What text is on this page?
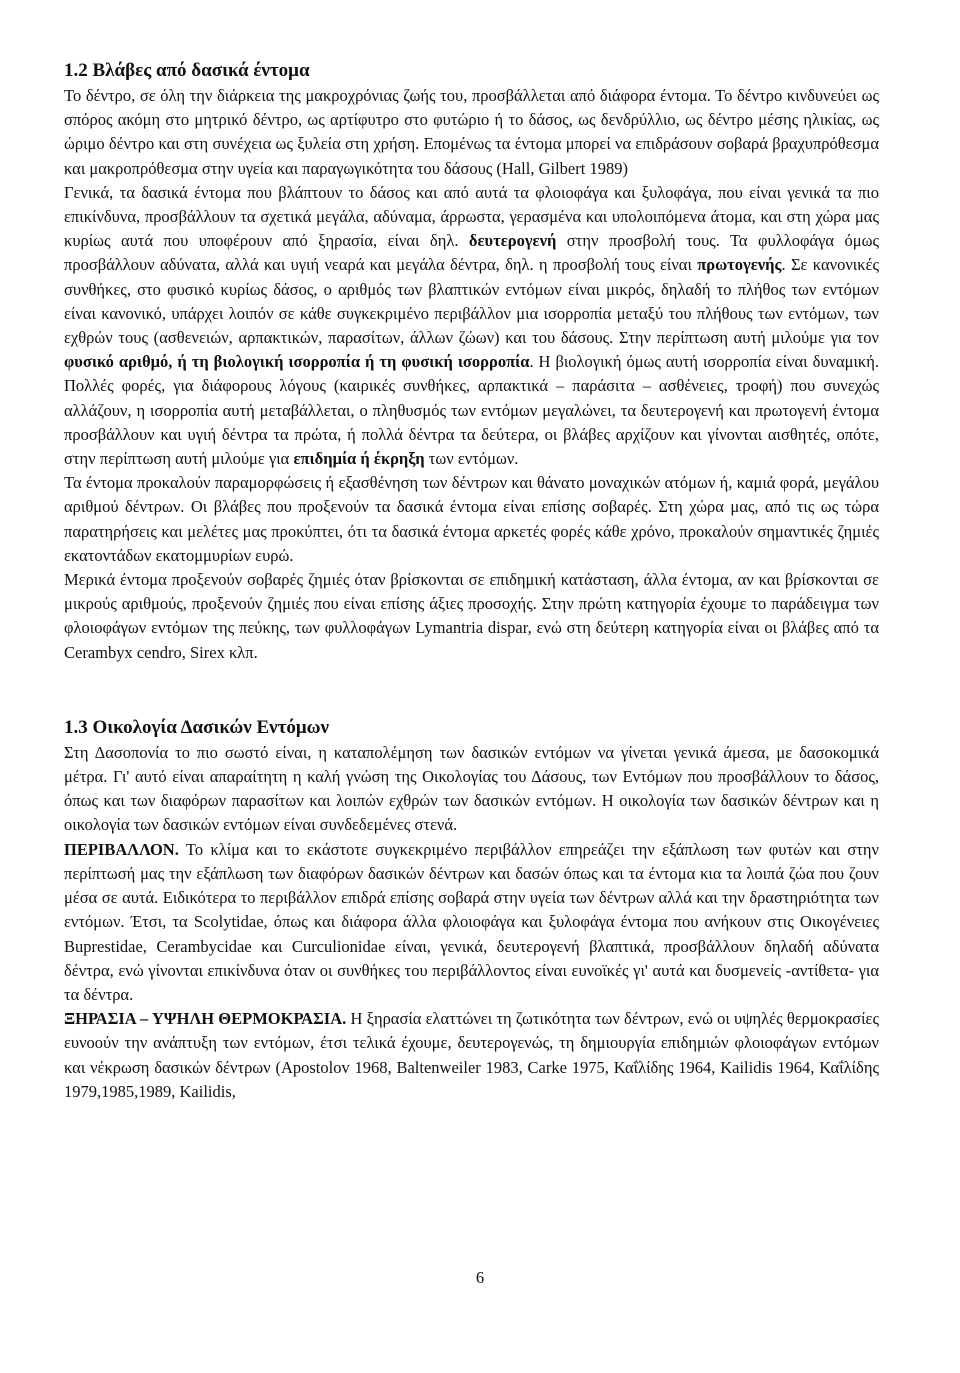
1.2 Βλάβες από δασικά έντομα

Το δέντρο, σε όλη την διάρκεια της μακροχρόνιας ζωής του, προσβάλλεται από διάφορα έντομα. Το δέντρο κινδυνεύει ως σπόρος ακόμη στο μητρικό δέντρο, ως αρτίφυτρο στο φυτώριο ή το δάσος, ως δενδρύλλιο, ως δέντρο μέσης ηλικίας, ως ώριμο δέντρο και στη συνέχεια ως ξυλεία στη χρήση. Επομένως τα έντομα μπορεί να επιδράσουν σοβαρά βραχυπρόθεσμα και μακροπρόθεσμα στην υγεία και παραγωγικότητα του δάσους (Hall, Gilbert 1989)

Γενικά, τα δασικά έντομα που βλάπτουν το δάσος και από αυτά τα φλοιοφάγα και ξυλοφάγα, που είναι γενικά τα πιο επικίνδυνα, προσβάλλουν τα σχετικά μεγάλα, αδύναμα, άρρωστα, γερασμένα και υπολοιπόμενα άτομα, και στη χώρα μας κυρίως αυτά που υποφέρουν από ξηρασία, είναι δηλ. δευτερογενή στην προσβολή τους. Τα φυλλοφάγα όμως προσβάλλουν αδύνατα, αλλά και υγιή νεαρά και μεγάλα δέντρα, δηλ. η προσβολή τους είναι πρωτογενής. Σε κανονικές συνθήκες, στο φυσικό κυρίως δάσος, ο αριθμός των βλαπτικών εντόμων είναι μικρός, δηλαδή το πλήθος των εντόμων είναι κανονικό, υπάρχει λοιπόν σε κάθε συγκεκριμένο περιβάλλον μια ισορροπία μεταξύ του πλήθους των εντόμων, των εχθρών τους (ασθενειών, αρπακτικών, παρασίτων, άλλων ζώων) και του δάσους. Στην περίπτωση αυτή μιλούμε για τον φυσικό αριθμό, ή τη βιολογική ισορροπία ή τη φυσική ισορροπία. Η βιολογική όμως αυτή ισορροπία είναι δυναμική. Πολλές φορές, για διάφορους λόγους (καιρικές συνθήκες, αρπακτικά – παράσιτα – ασθένειες, τροφή) που συνεχώς αλλάζουν, η ισορροπία αυτή μεταβάλλεται, ο πληθυσμός των εντόμων μεγαλώνει, τα δευτερογενή και πρωτογενή έντομα προσβάλλουν και υγιή δέντρα τα πρώτα, ή πολλά δέντρα τα δεύτερα, οι βλάβες αρχίζουν και γίνονται αισθητές, οπότε, στην περίπτωση αυτή μιλούμε για επιδημία ή έκρηξη των εντόμων.

Τα έντομα προκαλούν παραμορφώσεις ή εξασθένηση των δέντρων και θάνατο μοναχικών ατόμων ή, καμιά φορά, μεγάλου αριθμού δέντρων. Οι βλάβες που προξενούν τα δασικά έντομα είναι επίσης σοβαρές. Στη χώρα μας, από τις ως τώρα παρατηρήσεις και μελέτες μας προκύπτει, ότι τα δασικά έντομα αρκετές φορές κάθε χρόνο, προκαλούν σημαντικές ζημιές εκατοντάδων εκατομμυρίων ευρώ.

Μερικά έντομα προξενούν σοβαρές ζημιές όταν βρίσκονται σε επιδημική κατάσταση, άλλα έντομα, αν και βρίσκονται σε μικρούς αριθμούς, προξενούν ζημιές που είναι επίσης άξιες προσοχής. Στην πρώτη κατηγορία έχουμε το παράδειγμα των φλοιοφάγων εντόμων της πεύκης, των φυλλοφάγων Lymantria dispar, ενώ στη δεύτερη κατηγορία είναι οι βλάβες από τα Cerambyx cendro, Sirex κλπ.

1.3 Οικολογία Δασικών Εντόμων

Στη Δασοπονία το πιο σωστό είναι, η καταπολέμηση των δασικών εντόμων να γίνεται γενικά άμεσα, με δασοκομικά μέτρα. Γι' αυτό είναι απαραίτητη η καλή γνώση της Οικολογίας του Δάσους, των Εντόμων που προσβάλλουν το δάσος, όπως και των διαφόρων παρασίτων και λοιπών εχθρών των δασικών εντόμων. Η οικολογία των δασικών δέντρων και η οικολογία των δασικών εντόμων είναι συνδεδεμένες στενά.

ΠΕΡΙΒΑΛΛΟΝ. Το κλίμα και το εκάστοτε συγκεκριμένο περιβάλλον επηρεάζει την εξάπλωση των φυτών και στην περίπτωσή μας την εξάπλωση των διαφόρων δασικών δέντρων και δασών όπως και τα έντομα κια τα λοιπά ζώα που ζουν μέσα σε αυτά. Ειδικότερα το περιβάλλον επιδρά επίσης σοβαρά στην υγεία των δέντρων αλλά και την δραστηριότητα των εντόμων. Έτσι, τα Scolytidae, όπως και διάφορα άλλα φλοιοφάγα και ξυλοφάγα έντομα που ανήκουν στις Οικογένειες Buprestidae, Cerambycidae και Curculionidae είναι, γενικά, δευτερογενή βλαπτικά, προσβάλλουν δηλαδή αδύνατα δέντρα, ενώ γίνονται επικίνδυνα όταν οι συνθήκες του περιβάλλοντος είναι ευνοϊκές γι' αυτά και δυσμενείς -αντίθετα- για τα δέντρα.

ΞΗΡΑΣΙΑ – ΥΨΗΛΗ ΘΕΡΜΟΚΡΑΣΙΑ. Η ξηρασία ελαττώνει τη ζωτικότητα των δέντρων, ενώ οι υψηλές θερμοκρασίες ευνοούν την ανάπτυξη των εντόμων, έτσι τελικά έχουμε, δευτερογενώς, τη δημιουργία επιδημιών φλοιοφάγων εντόμων και νέκρωση δασικών δέντρων (Apostolov 1968, Baltenweiler 1983, Carke 1975, Καΐλίδης 1964, Kailidis 1964, Καΐλίδης 1979,1985,1989, Kailidis,

6
